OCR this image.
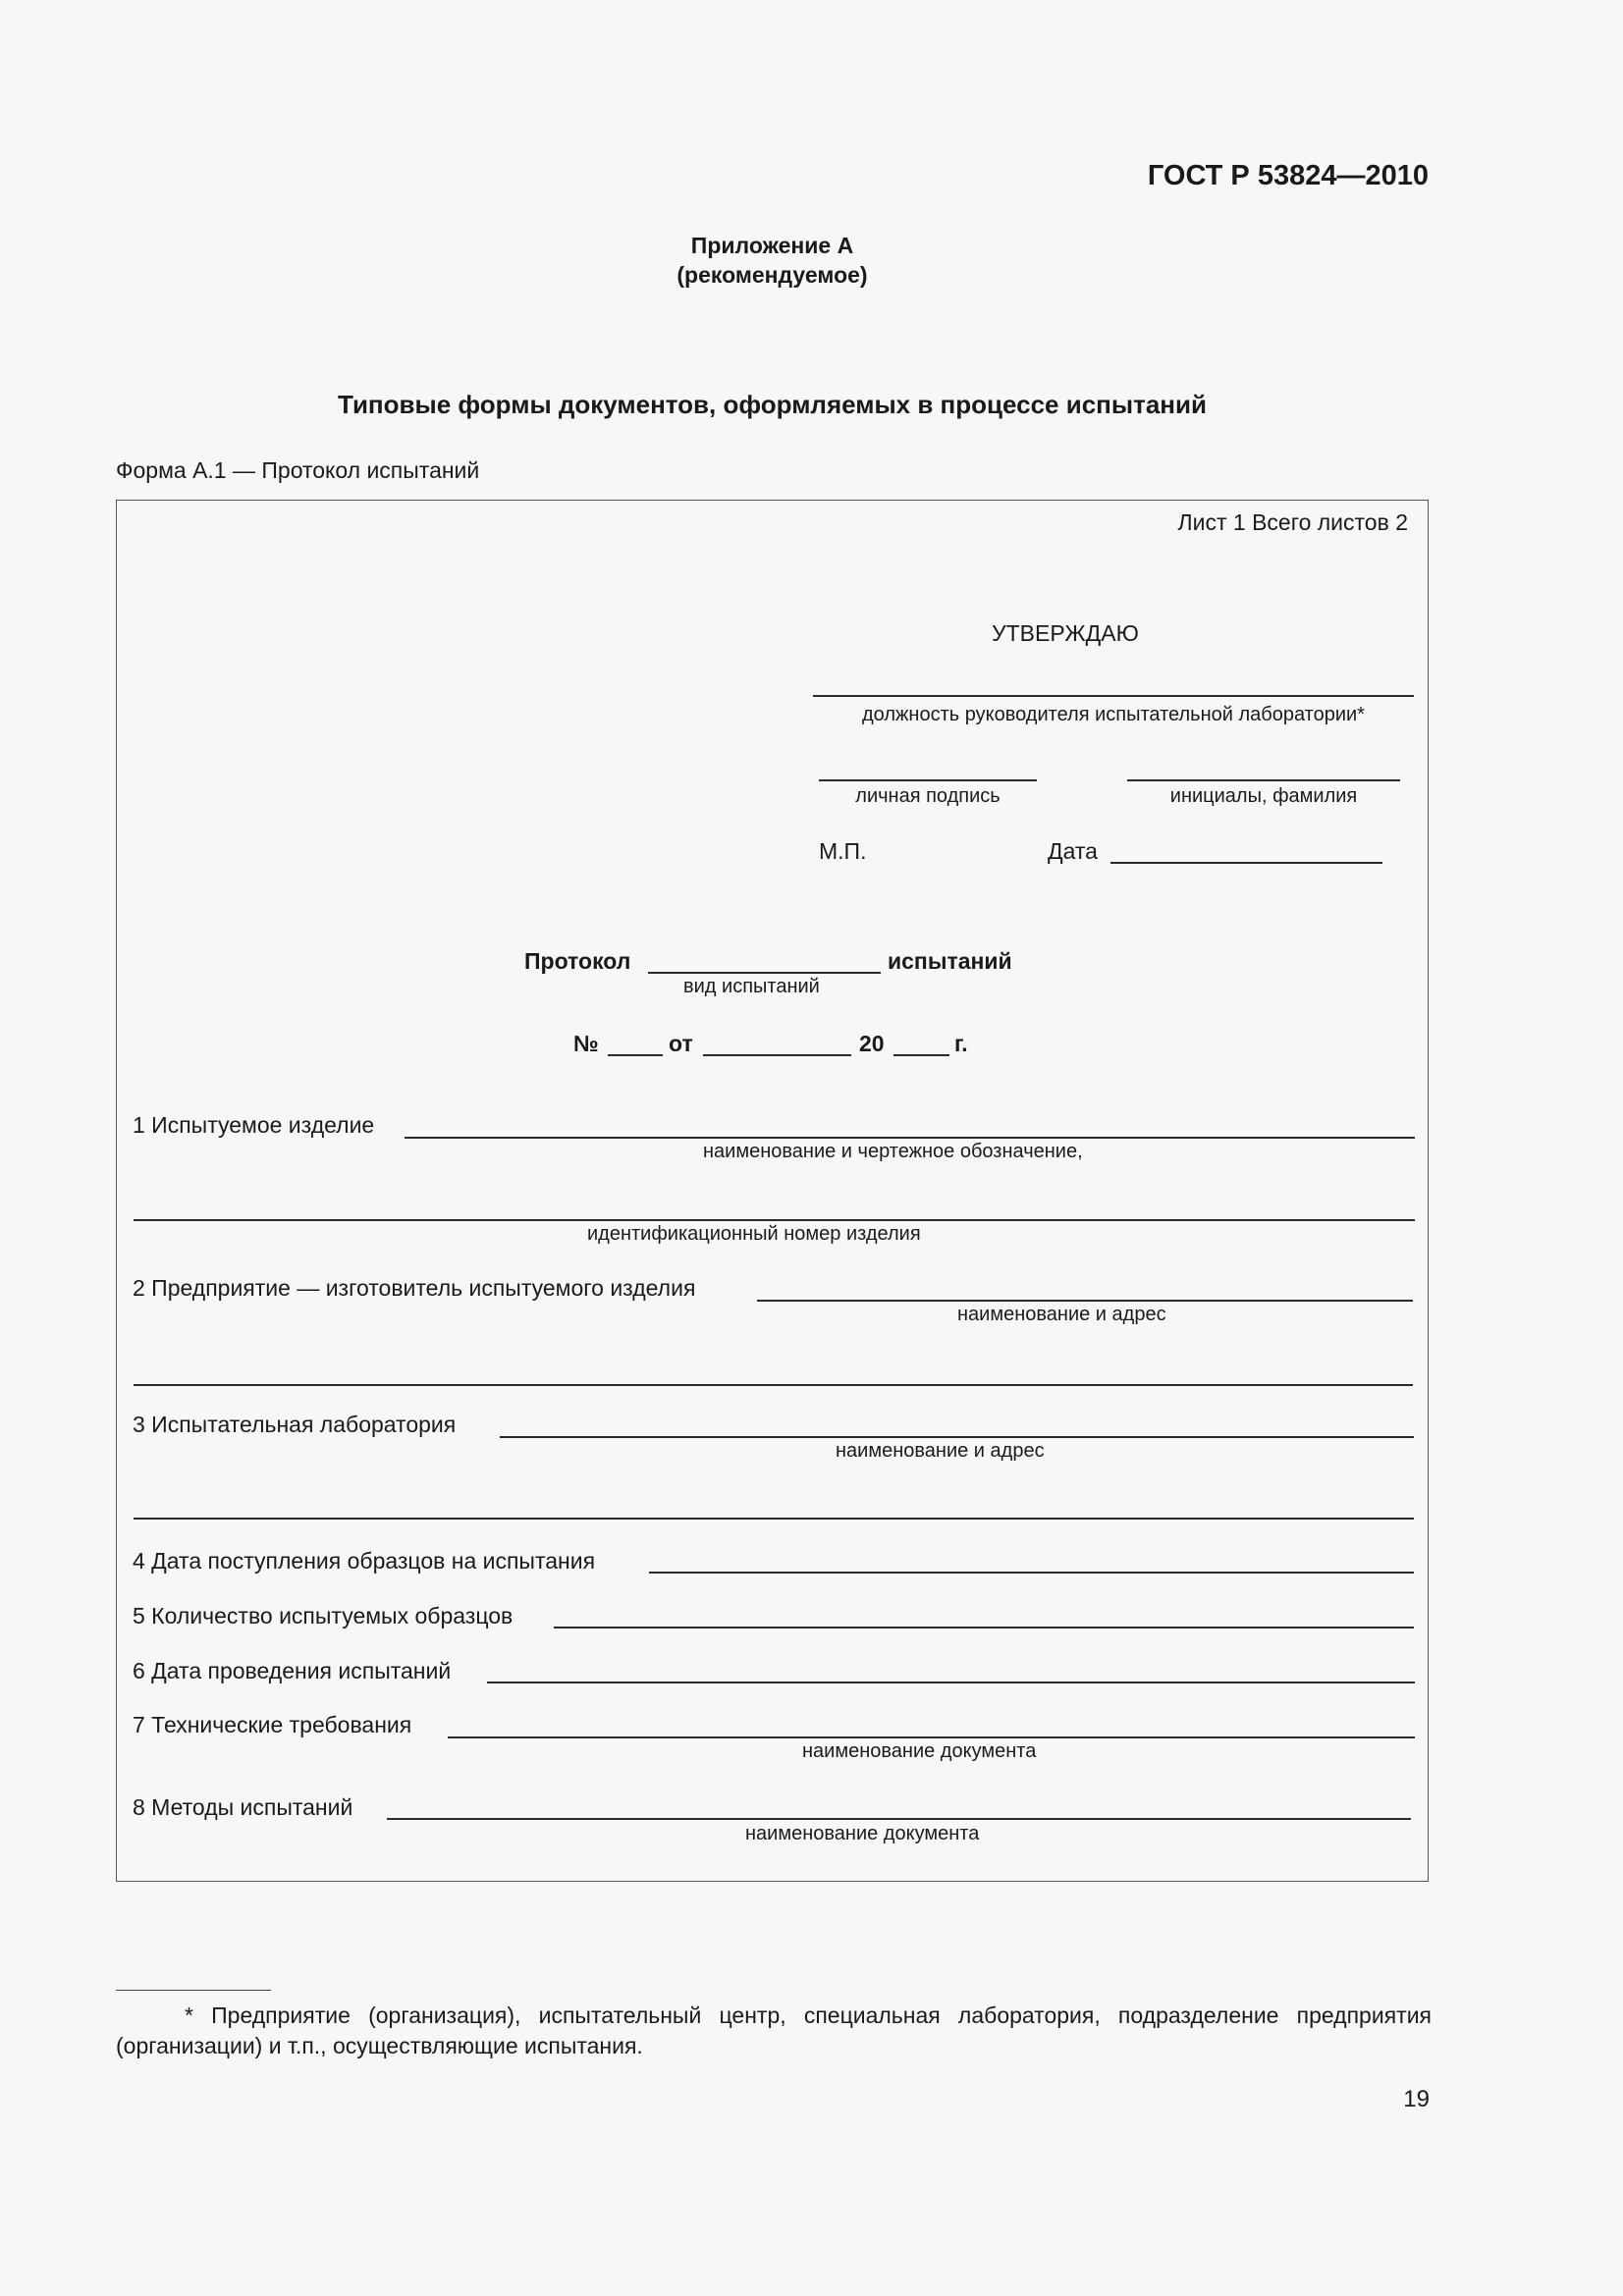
ГОСТ Р 53824—2010
Приложение А
(рекомендуемое)
Типовые формы документов, оформляемых в процессе испытаний
Форма А.1 — Протокол испытаний
Лист 1 Всего листов 2
УТВЕРЖДАЮ
должность руководителя испытательной лаборатории*
личная подпись	инициалы, фамилия
М.П.	Дата
Протокол	испытаний
вид испытаний
№	от	20	г.
1 Испытуемое изделие
наименование и чертежное обозначение,
идентификационный номер изделия
2 Предприятие — изготовитель испытуемого изделия
наименование и адрес
3 Испытательная лаборатория
наименование и адрес
4 Дата поступления образцов на испытания
5 Количество испытуемых образцов
6 Дата проведения испытаний
7 Технические требования
наименование документа
8 Методы испытаний
наименование документа
* Предприятие (организация), испытательный центр, специальная лаборатория, подразделение предприятия (организации) и т.п., осуществляющие испытания.
19
